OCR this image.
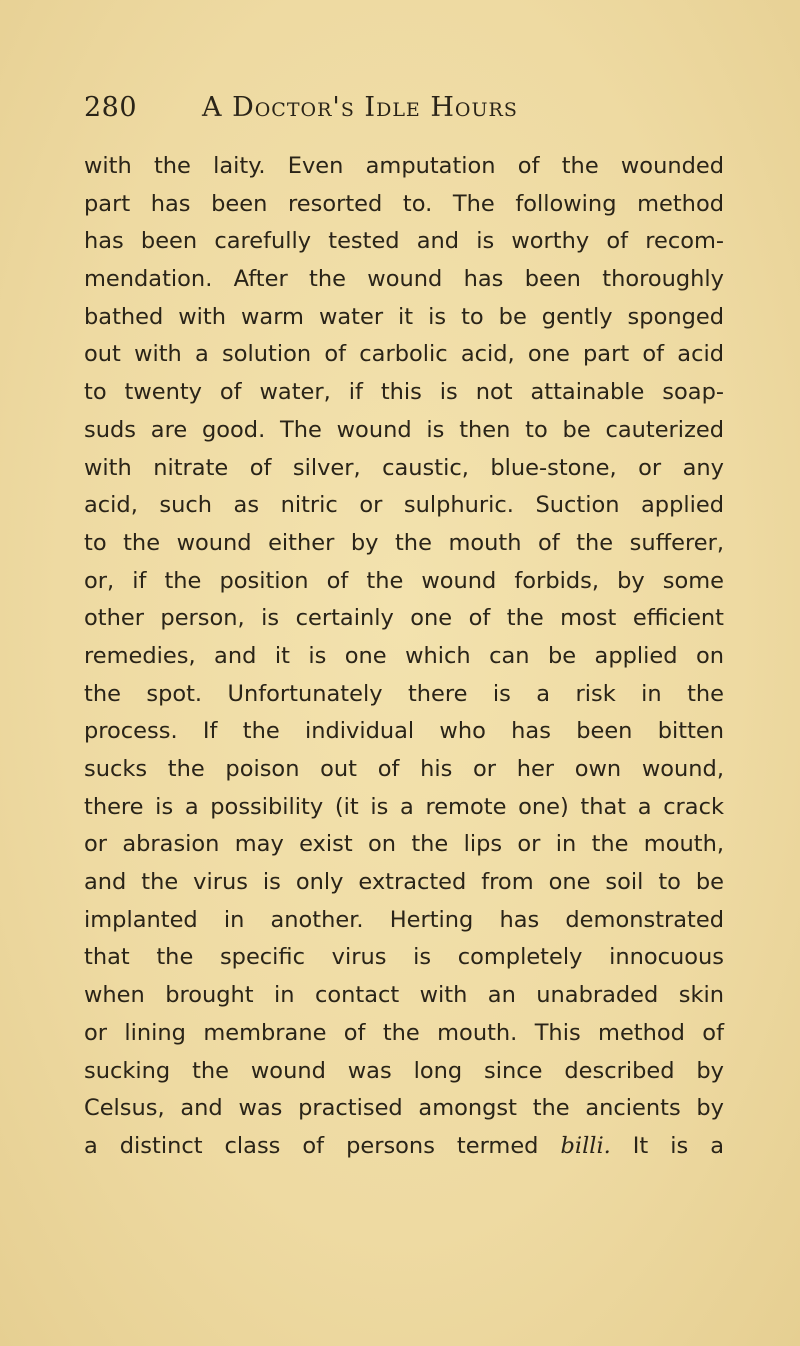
280 A Doctor's Idle Hours
with the laity. Even amputation of the wounded
part has been resorted to. The following method
has been carefully tested and is worthy of recom-
mendation. After the wound has been thoroughly
bathed with warm water it is to be gently sponged
out with a solution of carbolic acid, one part of acid
to twenty of water, if this is not attainable soap-
suds are good. The wound is then to be cauterized
with nitrate of silver, caustic, blue-stone, or any
acid, such as nitric or sulphuric. Suction applied
to the wound either by the mouth of the sufferer,
or, if the position of the wound forbids, by some
other person, is certainly one of the most efficient
remedies, and it is one which can be applied on
the spot. Unfortunately there is a risk in the
process. If the individual who has been bitten
sucks the poison out of his or her own wound,
there is a possibility (it is a remote one) that a crack
or abrasion may exist on the lips or in the mouth,
and the virus is only extracted from one soil to be
implanted in another. Herting has demonstrated
that the specific virus is completely innocuous
when brought in contact with an unabraded skin
or lining membrane of the mouth. This method of
sucking the wound was long since described by
Celsus, and was practised amongst the ancients by
a distinct class of persons termed billi. It is a
